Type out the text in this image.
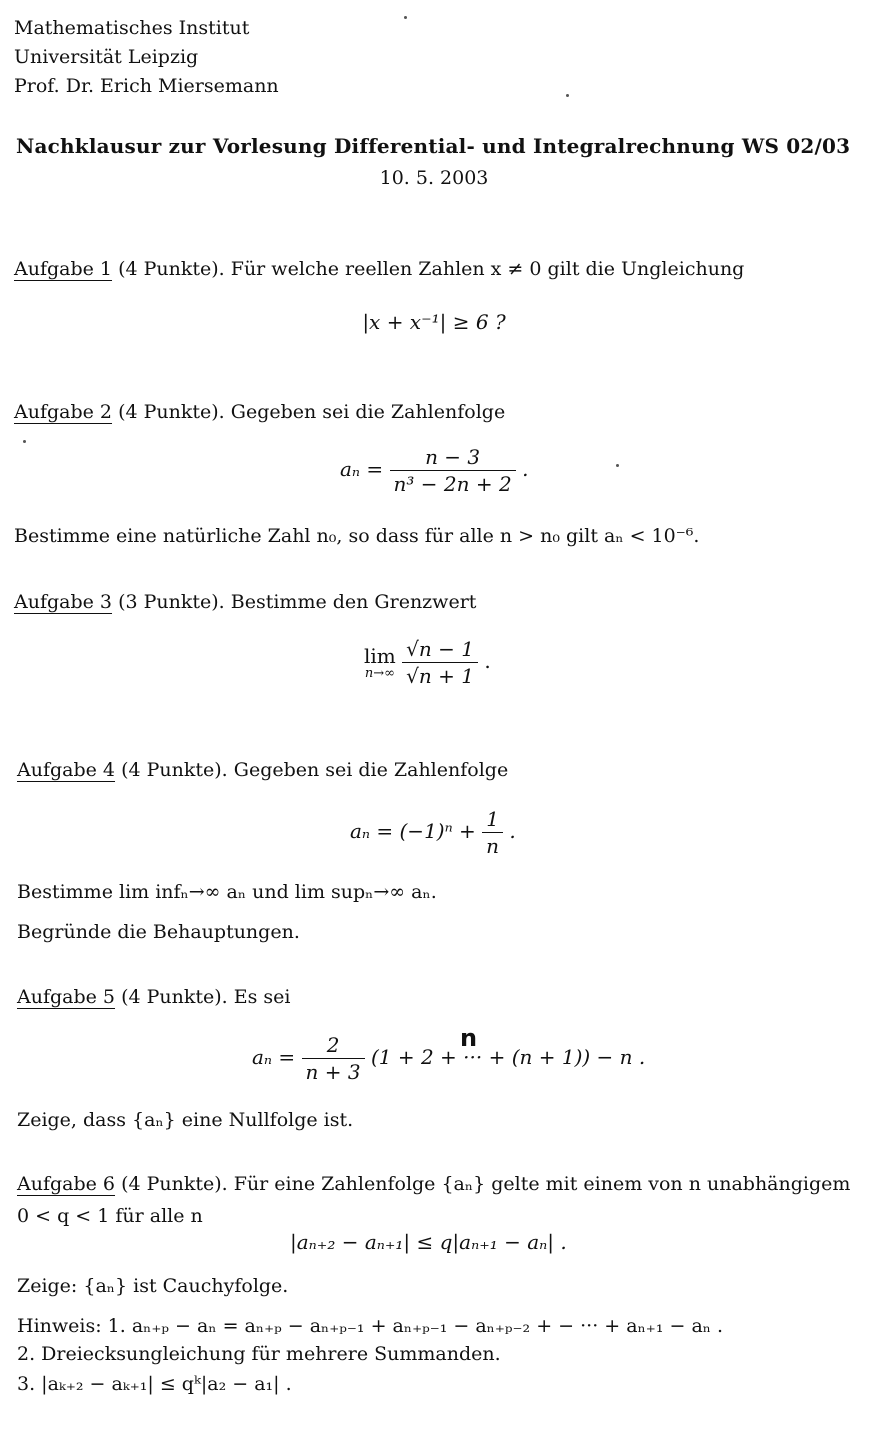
Mathematisches Institut
Universität Leipzig
Prof. Dr. Erich Miersemann
Nachklausur zur Vorlesung Differential- und Integralrechnung WS 02/03
10. 5. 2003
Aufgabe 1 (4 Punkte). Für welche reellen Zahlen x ≠ 0 gilt die Ungleichung
|x + x⁻¹| ≥ 6 ?
Aufgabe 2 (4 Punkte). Gegeben sei die Zahlenfolge
$a_n = \frac{n - 3}{\text{n³ − 2n + 2}}$ .
Bestimme eine natürliche Zahl n₀, so dass für alle n > n₀ gilt aₙ < 10⁻⁶.
Aufgabe 3 (3 Punkte). Bestimme den Grenzwert
lim
n→∞
$\frac{√n - 1}{√n + 1}$ .
Aufgabe 4 (4 Punkte). Gegeben sei die Zahlenfolge
$a_n = (-1)^n + \frac{1}{n}$ .
Bestimme lim infₙ→∞ aₙ und lim supₙ→∞ aₙ.
Begründe die Behauptungen.
Aufgabe 5 (4 Punkte). Es sei
n
$a_n = \frac{2}{n + 3} (1 + 2$ + ··· + (n + 1)) − n .
Zeige, dass {aₙ} eine Nullfolge ist.
Aufgabe 6 (4 Punkte). Für eine Zahlenfolge {aₙ} gelte mit einem von n unabhängigem
0 < q < 1 für alle n
|aₙ₊₂ − aₙ₊₁| ≤ q|aₙ₊₁ − aₙ| .
Zeige: {aₙ} ist Cauchyfolge.
Hinweis: 1. aₙ₊ₚ − aₙ = aₙ₊ₚ − aₙ₊ₚ₋₁ + aₙ₊ₚ₋₁ − aₙ₊ₚ₋₂ + − ··· + aₙ₊₁ − aₙ .
2. Dreiecksungleichung für mehrere Summanden.
3. |aₖ₊₂ − aₖ₊₁| ≤ qᵏ|a₂ − a₁| .
